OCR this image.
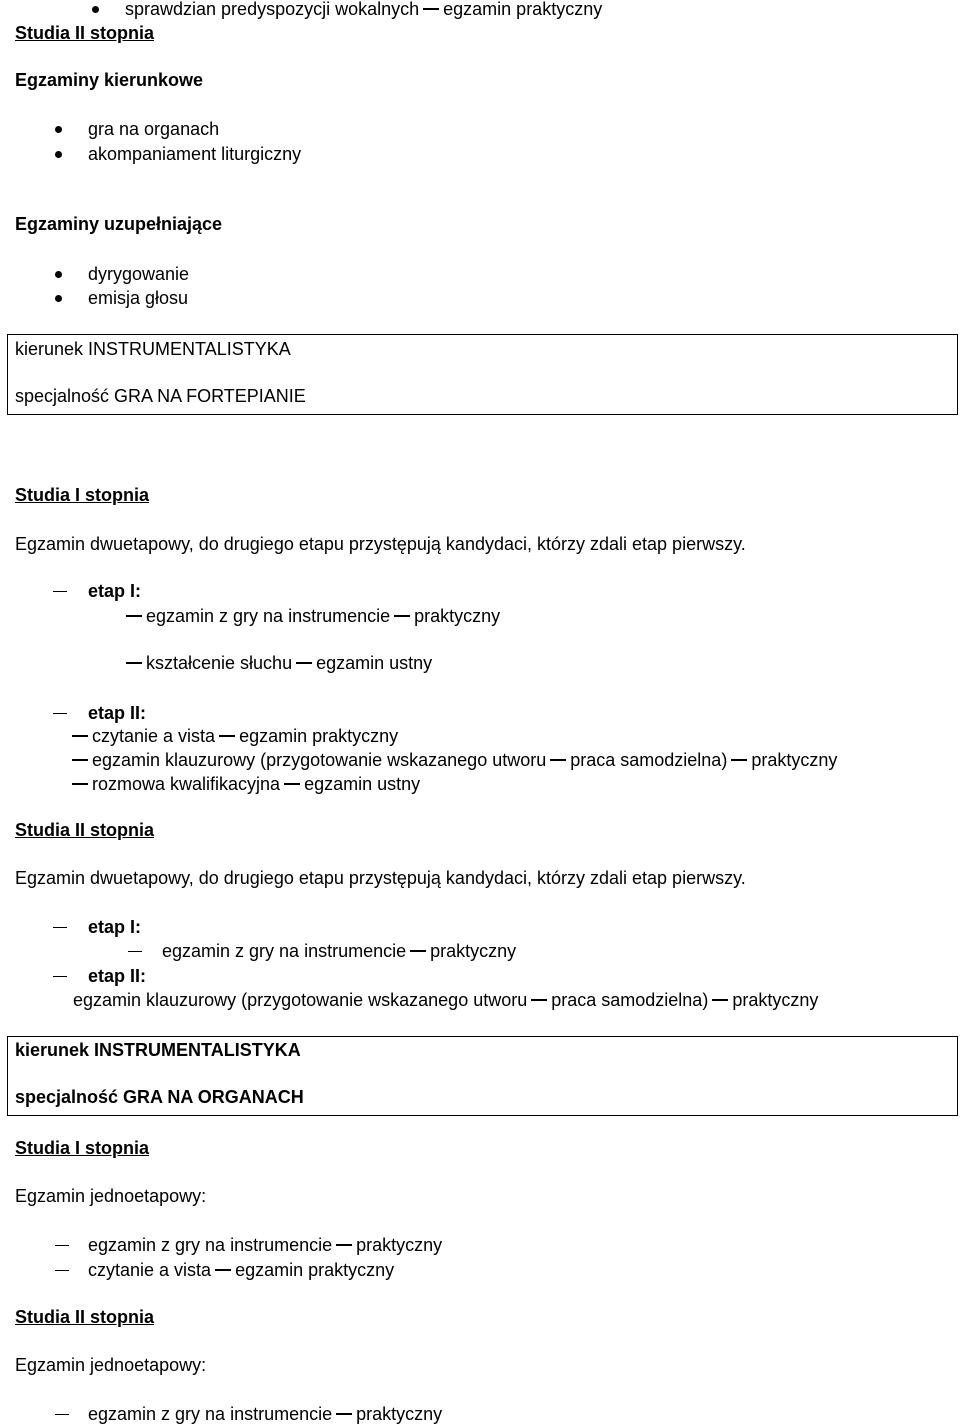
sprawdzian predyspozycji wokalnych egzamin praktyczny
Studia II stopnia
Egzaminy kierunkowe
gra na organach
akompaniament liturgiczny
Egzaminy uzupełniające
dyrygowanie
emisja głosu
kierunek INSTRUMENTALISTYKA
specjalność GRA NA FORTEPIANIE
Studia I stopnia
Egzamin dwuetapowy, do drugiego etapu przystępują kandydaci, którzy zdali etap pierwszy.
etap I:
egzamin z gry na instrumencie praktyczny
kształcenie słuchu egzamin ustny
etap II:
czytanie a vista egzamin praktyczny
egzamin klauzurowy (przygotowanie wskazanego utworu praca samodzielna) praktyczny
rozmowa kwalifikacyjna egzamin ustny
Studia II stopnia
Egzamin dwuetapowy, do drugiego etapu przystępują kandydaci, którzy zdali etap pierwszy.
etap I:
egzamin z gry na instrumencie praktyczny
etap II:
egzamin klauzurowy (przygotowanie wskazanego utworu praca samodzielna) praktyczny
kierunek INSTRUMENTALISTYKA
specjalność GRA NA ORGANACH
Studia I stopnia
Egzamin jednoetapowy:
egzamin z gry na instrumencie praktyczny
czytanie a vista egzamin praktyczny
Studia II stopnia
Egzamin jednoetapowy:
egzamin z gry na instrumencie praktyczny
